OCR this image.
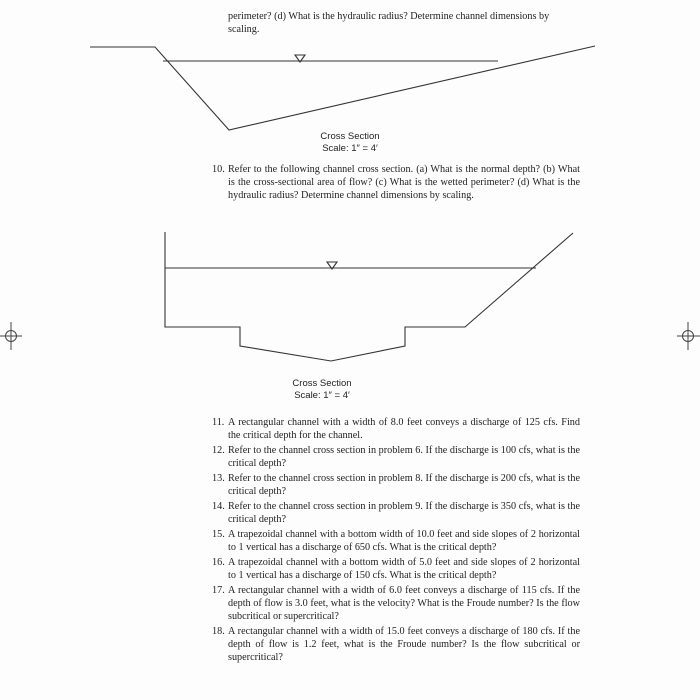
perimeter? (d) What is the hydraulic radius? Determine channel dimensions by scaling.
Cross Section
Scale: 1″ = 4′
10. Refer to the following channel cross section. (a) What is the normal depth? (b) What is the cross-sectional area of flow? (c) What is the wetted perimeter? (d) What is the hydraulic radius? Determine channel dimensions by scaling.
Cross Section
Scale: 1″ = 4′
11. A rectangular channel with a width of 8.0 feet conveys a discharge of 125 cfs. Find the critical depth for the channel.
12. Refer to the channel cross section in problem 6. If the discharge is 100 cfs, what is the critical depth?
13. Refer to the channel cross section in problem 8. If the discharge is 200 cfs, what is the critical depth?
14. Refer to the channel cross section in problem 9. If the discharge is 350 cfs, what is the critical depth?
15. A trapezoidal channel with a bottom width of 10.0 feet and side slopes of 2 horizontal to 1 vertical has a discharge of 650 cfs. What is the critical depth?
16. A trapezoidal channel with a bottom width of 5.0 feet and side slopes of 2 horizontal to 1 vertical has a discharge of 150 cfs. What is the critical depth?
17. A rectangular channel with a width of 6.0 feet conveys a discharge of 115 cfs. If the depth of flow is 3.0 feet, what is the velocity? What is the Froude number? Is the flow subcritical or supercritical?
18. A rectangular channel with a width of 15.0 feet conveys a discharge of 180 cfs. If the depth of flow is 1.2 feet, what is the Froude number? Is the flow subcritical or supercritical?
